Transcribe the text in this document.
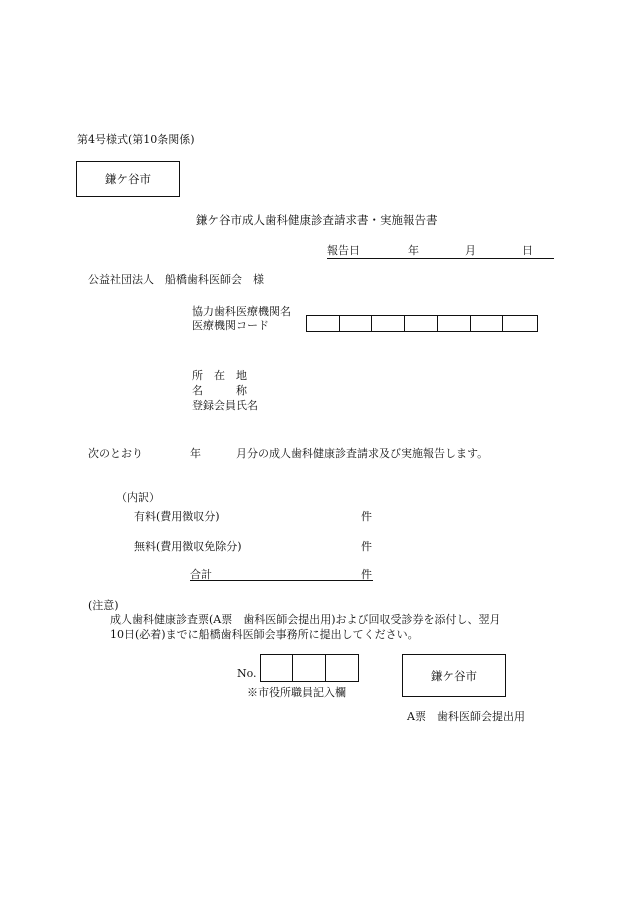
第4号様式(第10条関係)
鎌ケ谷市
鎌ケ谷市成人歯科健康診査請求書・実施報告書
報告日	年	月	日
公益社団法人　船橋歯科医師会　様
協力歯科医療機関名
医療機関コード
所　在　地
名　　　称
登録会員氏名
次のとおり	年	月分の成人歯科健康診査請求及び実施報告します。
（内訳）
有料(費用徴収分)	件
無料(費用徴収免除分)	件
合計	件
(注意)
成人歯科健康診査票(A票　歯科医師会提出用)および回収受診券を添付し、翌月
10日(必着)までに船橋歯科医師会事務所に提出してください。
No.
※市役所職員記入欄
鎌ケ谷市
A票　歯科医師会提出用
